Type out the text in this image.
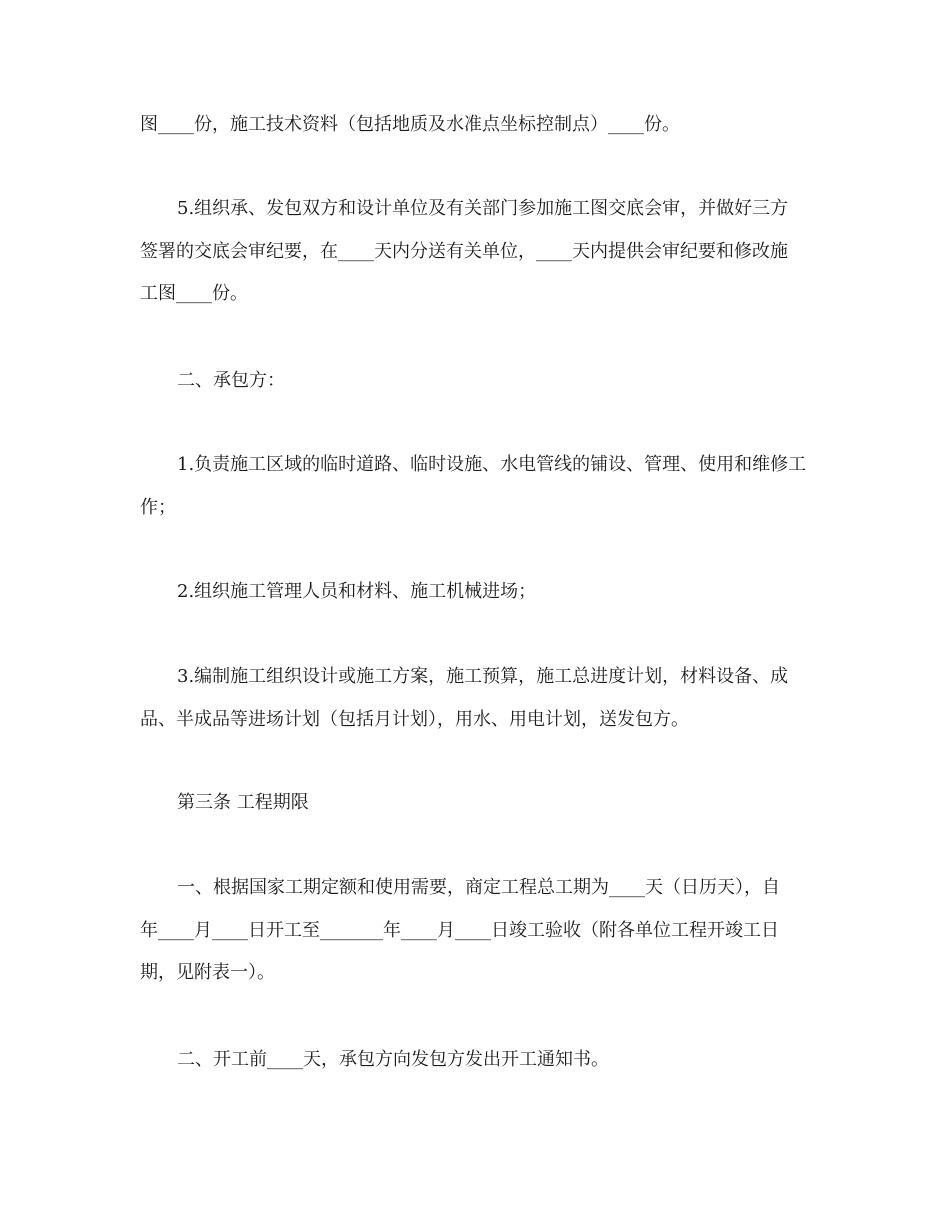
图____份，施工技术资料（包括地质及水准点坐标控制点）____份。

5.组织承、发包双方和设计单位及有关部门参加施工图交底会审，并做好三方
签署的交底会审纪要，在____天内分送有关单位，____天内提供会审纪要和修改施
工图____份。

二、承包方：

1.负责施工区域的临时道路、临时设施、水电管线的铺设、管理、使用和维修工
作；

2.组织施工管理人员和材料、施工机械进场；

3.编制施工组织设计或施工方案，施工预算，施工总进度计划，材料设备、成
品、半成品等进场计划（包括月计划），用水、用电计划，送发包方。

第三条 工程期限

一、根据国家工期定额和使用需要，商定工程总工期为____天（日历天），自
年____月____日开工至_______年____月____日竣工验收（附各单位工程开竣工日
期，见附表一）。

二、开工前____天，承包方向发包方发出开工通知书。
